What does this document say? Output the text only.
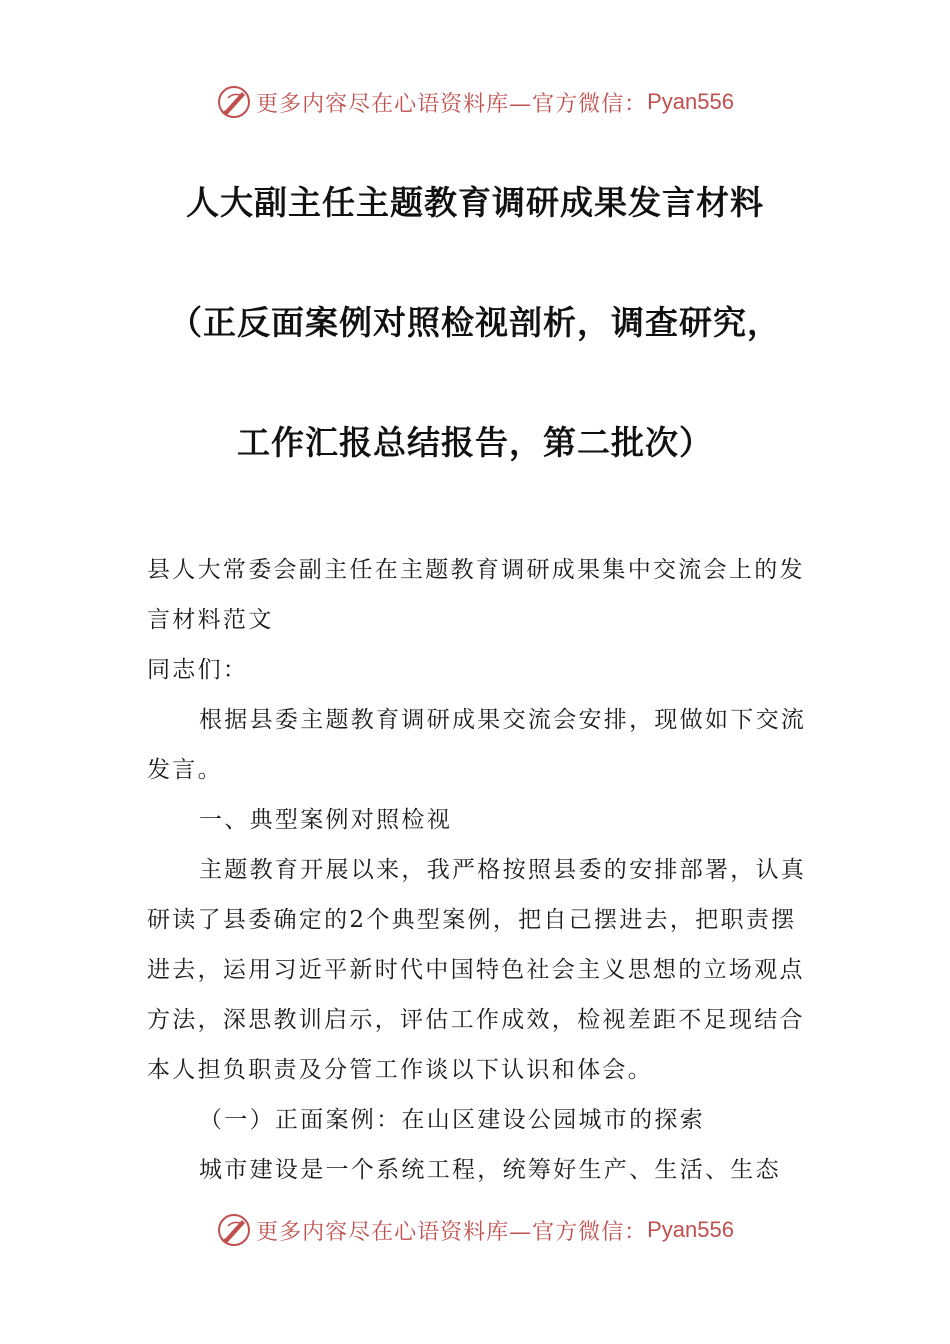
更多内容尽在心语资料库—官方微信： Pyan556
人大副主任主题教育调研成果发言材料
（正反面案例对照检视剖析，调查研究，
工作汇报总结报告，第二批次）

县人大常委会副主任在主题教育调研成果集中交流会上的发言材料范文

同志们：

根据县委主题教育调研成果交流会安排，现做如下交流发言。

一、典型案例对照检视

主题教育开展以来，我严格按照县委的安排部署，认真研读了县委确定的2个典型案例，把自己摆进去，把职责摆进去，运用习近平新时代中国特色社会主义思想的立场观点方法，深思教训启示，评估工作成效，检视差距不足现结合本人担负职责及分管工作谈以下认识和体会。

（一）正面案例：在山区建设公园城市的探索

城市建设是一个系统工程，统筹好生产、生活、生态

更多内容尽在心语资料库—官方微信： Pyan556
